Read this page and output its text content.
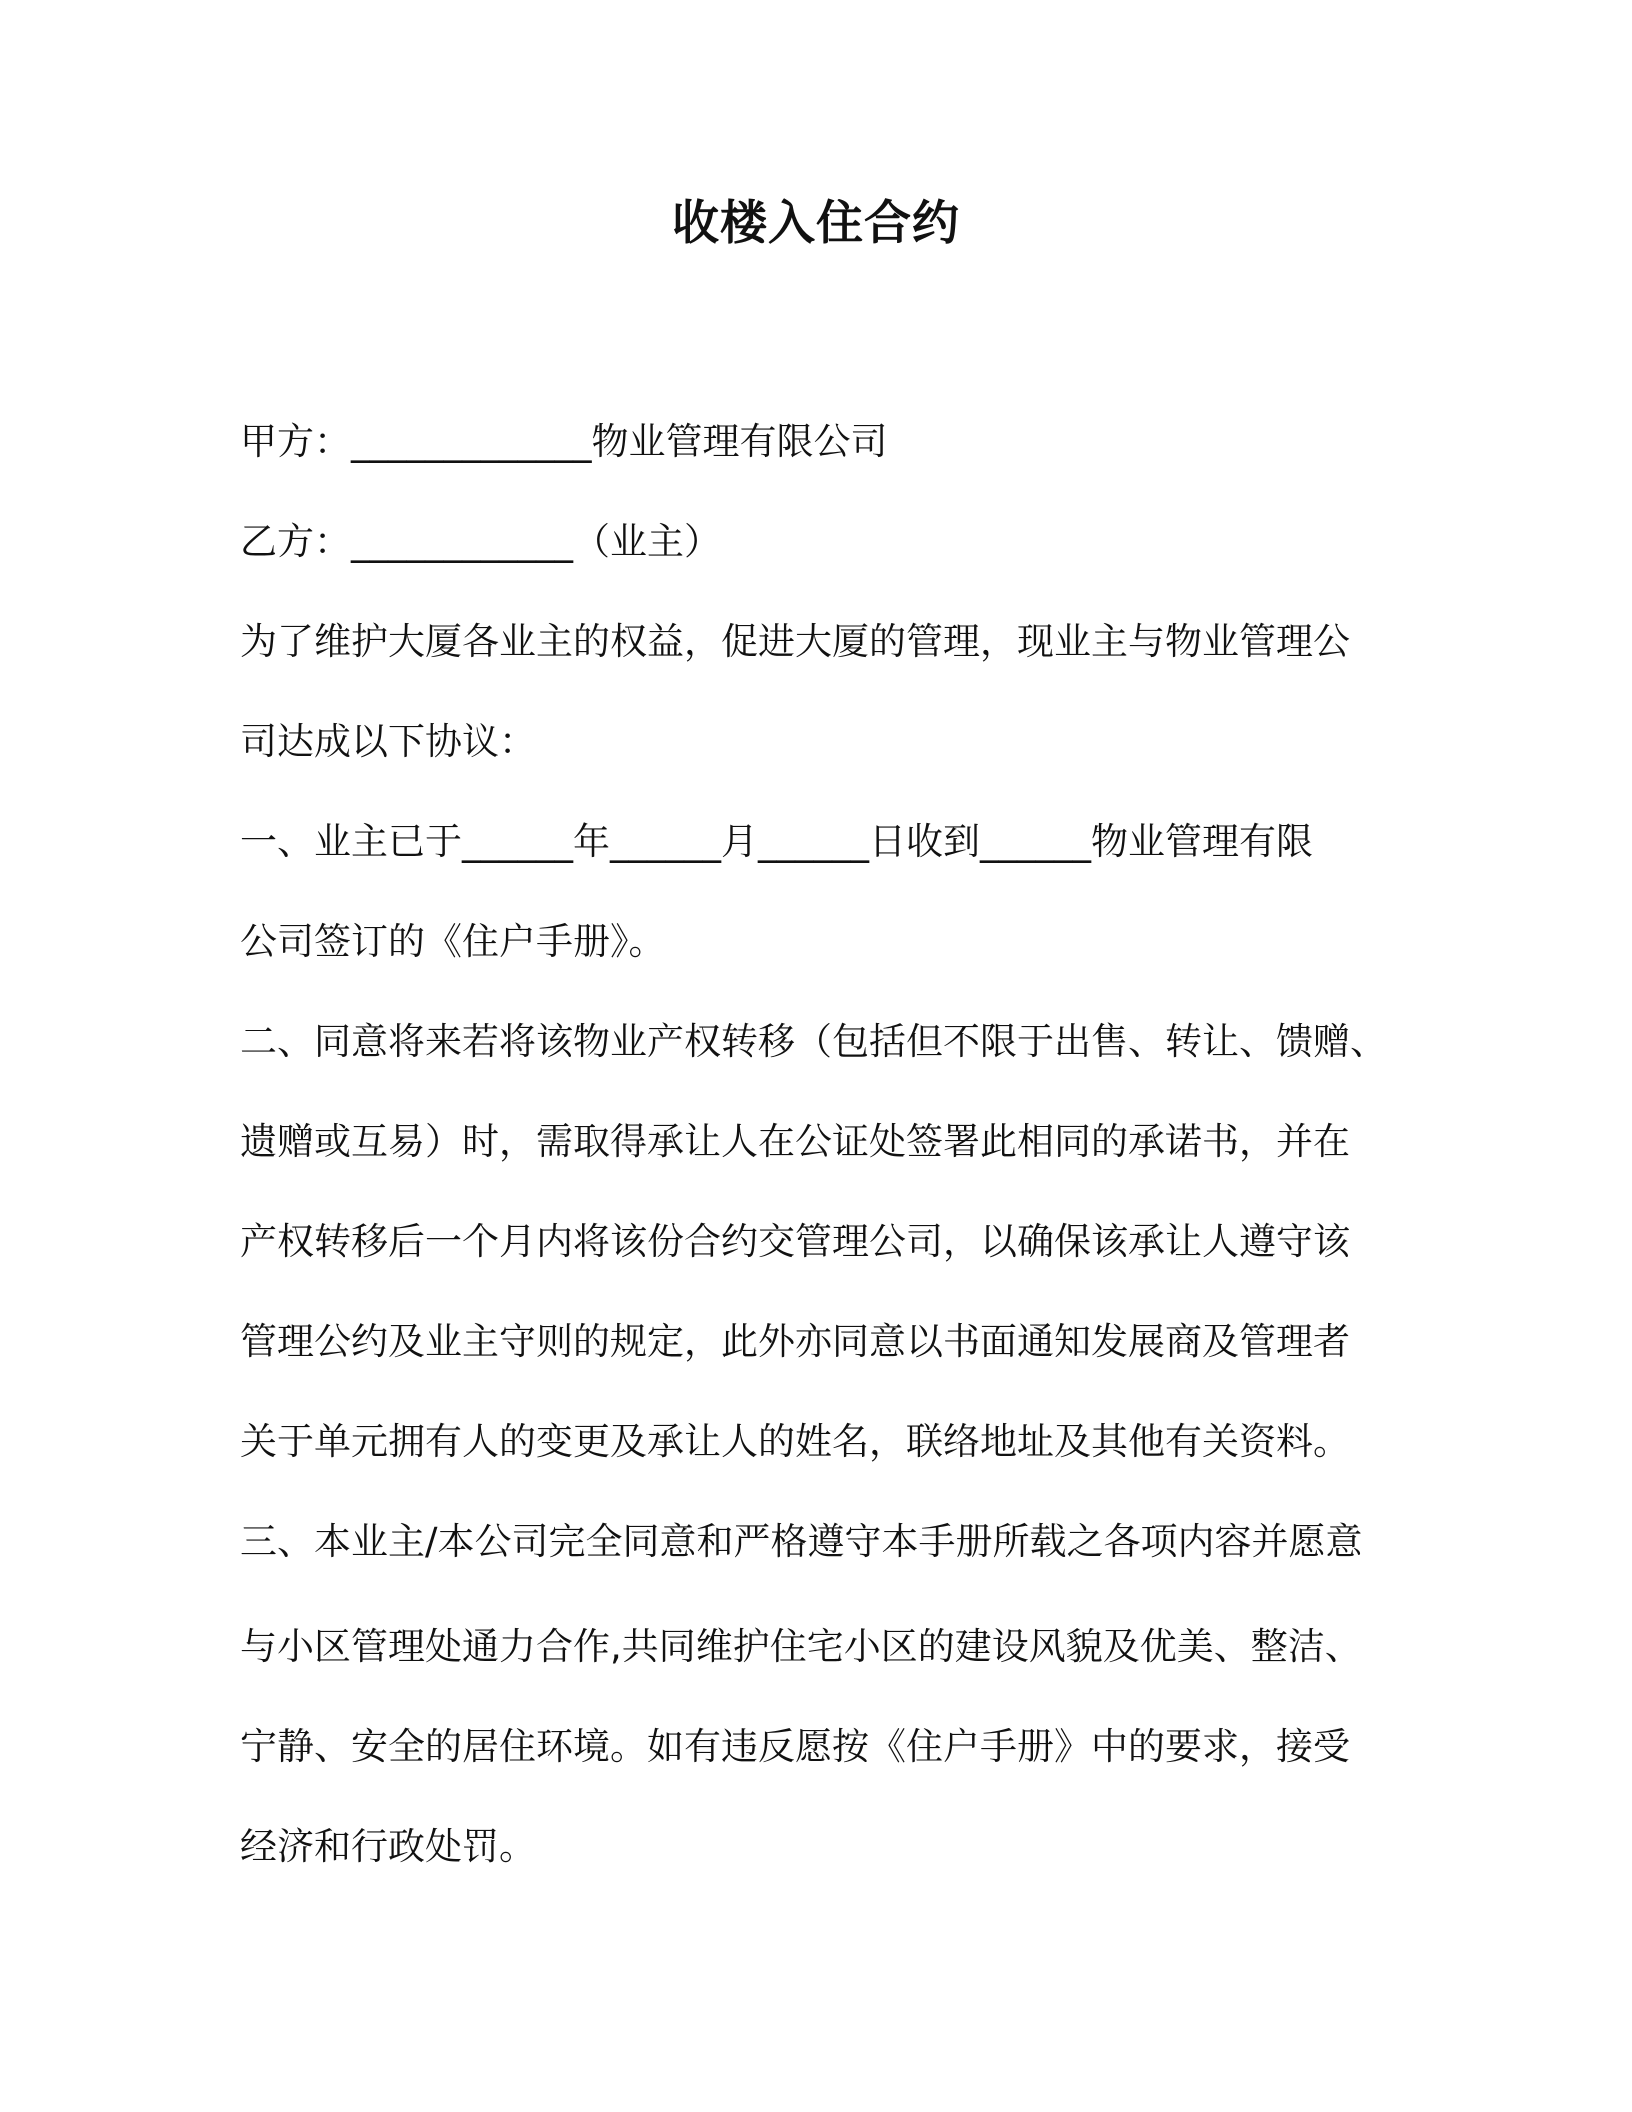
收楼入住合约
甲方：_____________物业管理有限公司
乙方：____________（业主）
为了维护大厦各业主的权益，促进大厦的管理，现业主与物业管理公
司达成以下协议：
一、业主已于______年______月______日收到______物业管理有限
公司签订的《住户手册》。
二、同意将来若将该物业产权转移（包括但不限于出售、转让、馈赠、
遗赠或互易）时，需取得承让人在公证处签署此相同的承诺书，并在
产权转移后一个月内将该份合约交管理公司，以确保该承让人遵守该
管理公约及业主守则的规定，此外亦同意以书面通知发展商及管理者
关于单元拥有人的变更及承让人的姓名，联络地址及其他有关资料。
三、本业主/本公司完全同意和严格遵守本手册所载之各项内容并愿意
与小区管理处通力合作,共同维护住宅小区的建设风貌及优美、整洁、
宁静、安全的居住环境。如有违反愿按《住户手册》中的要求，接受
经济和行政处罚。
